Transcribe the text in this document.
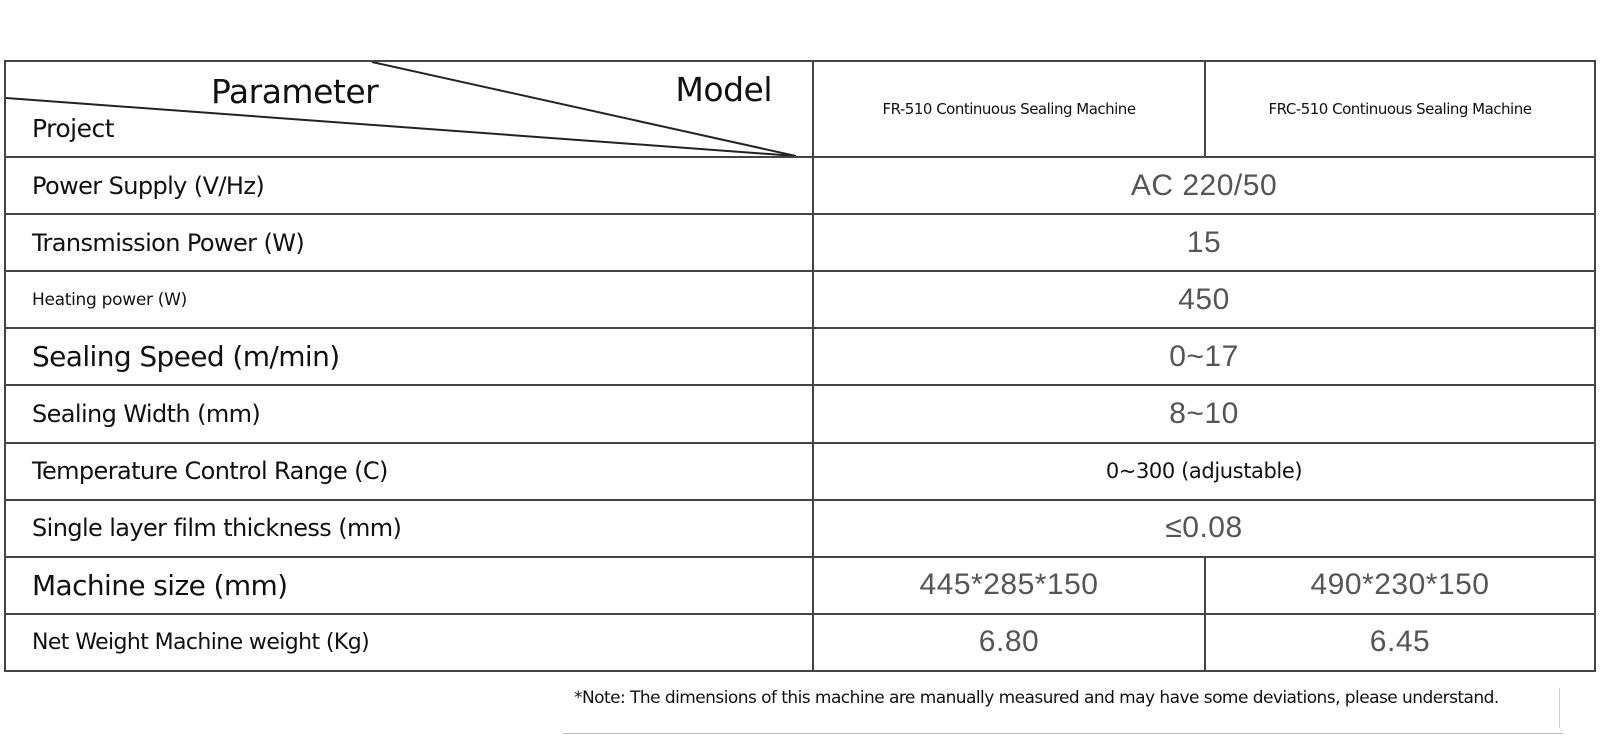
Parameter Model
Project	FR-510 Continuous Sealing Machine	FRC-510 Continuous Sealing Machine
Power Supply (V/Hz)	AC 220/50	
Transmission Power (W)	15	
Heating power (W)	450	
Sealing Speed (m/min)	0~17	
Sealing Width (mm)	8~10	
Temperature Control Range (C)	0~300 (adjustable)	
Single layer film thickness (mm)	≤0.08	
Machine size (mm)	445*285*150	490*230*150
Net Weight Machine weight (Kg)	6.80	6.45
*Note: The dimensions of this machine are manually measured and may have some deviations, please understand.
